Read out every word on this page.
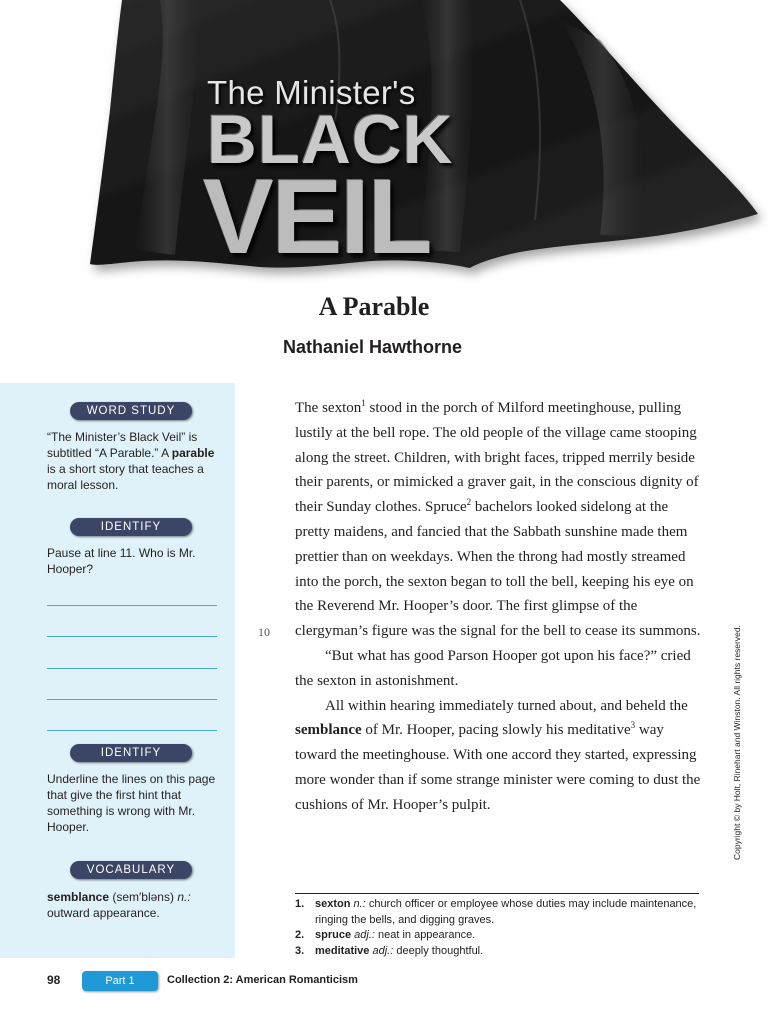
The Minister's
BLACK
VEIL
A Parable
Nathaniel Hawthorne
WORD STUDY
“The Minister’s Black Veil” is subtitled “A Parable.” A parable is a short story that teaches a moral lesson.
IDENTIFY
Pause at line 11. Who is Mr. Hooper?
IDENTIFY
Underline the lines on this page that give the first hint that something is wrong with Mr. Hooper.
VOCABULARY
semblance (sem′bləns) n.:
outward appearance.

The sexton$^1$ stood in the porch of Milford meetinghouse, pulling lustily at the bell rope. The old people of the village came stooping along the street. Children, with bright faces, tripped merrily beside their parents, or mimicked a graver gait, in the conscious dignity of their Sunday clothes. Spruce$^2$ bachelors looked sidelong at the pretty maidens, and fancied that the Sabbath sunshine made them prettier than on weekdays. When the throng had mostly streamed into the porch, the sexton began to toll the bell, keeping his eye on the Reverend Mr. Hooper’s door. The first glimpse of the clergyman’s figure was the signal for the bell to cease its summons.

“But what has good Parson Hooper got upon his face?” cried the sexton in astonishment.

All within hearing immediately turned about, and beheld the semblance of Mr. Hooper, pacing slowly his meditative$^3$ way toward the meetinghouse. With one accord they started, expressing more wonder than if some strange minister were coming to dust the cushions of Mr. Hooper’s pulpit.

10
1. sexton n.: church officer or employee whose duties may include maintenance, ringing the bells, and digging graves.
2. spruce adj.: neat in appearance.
3. meditative adj.: deeply thoughtful.
Copyright © by Holt, Rinehart and Winston. All rights reserved.
98	Part 1	Collection 2: American Romanticism
